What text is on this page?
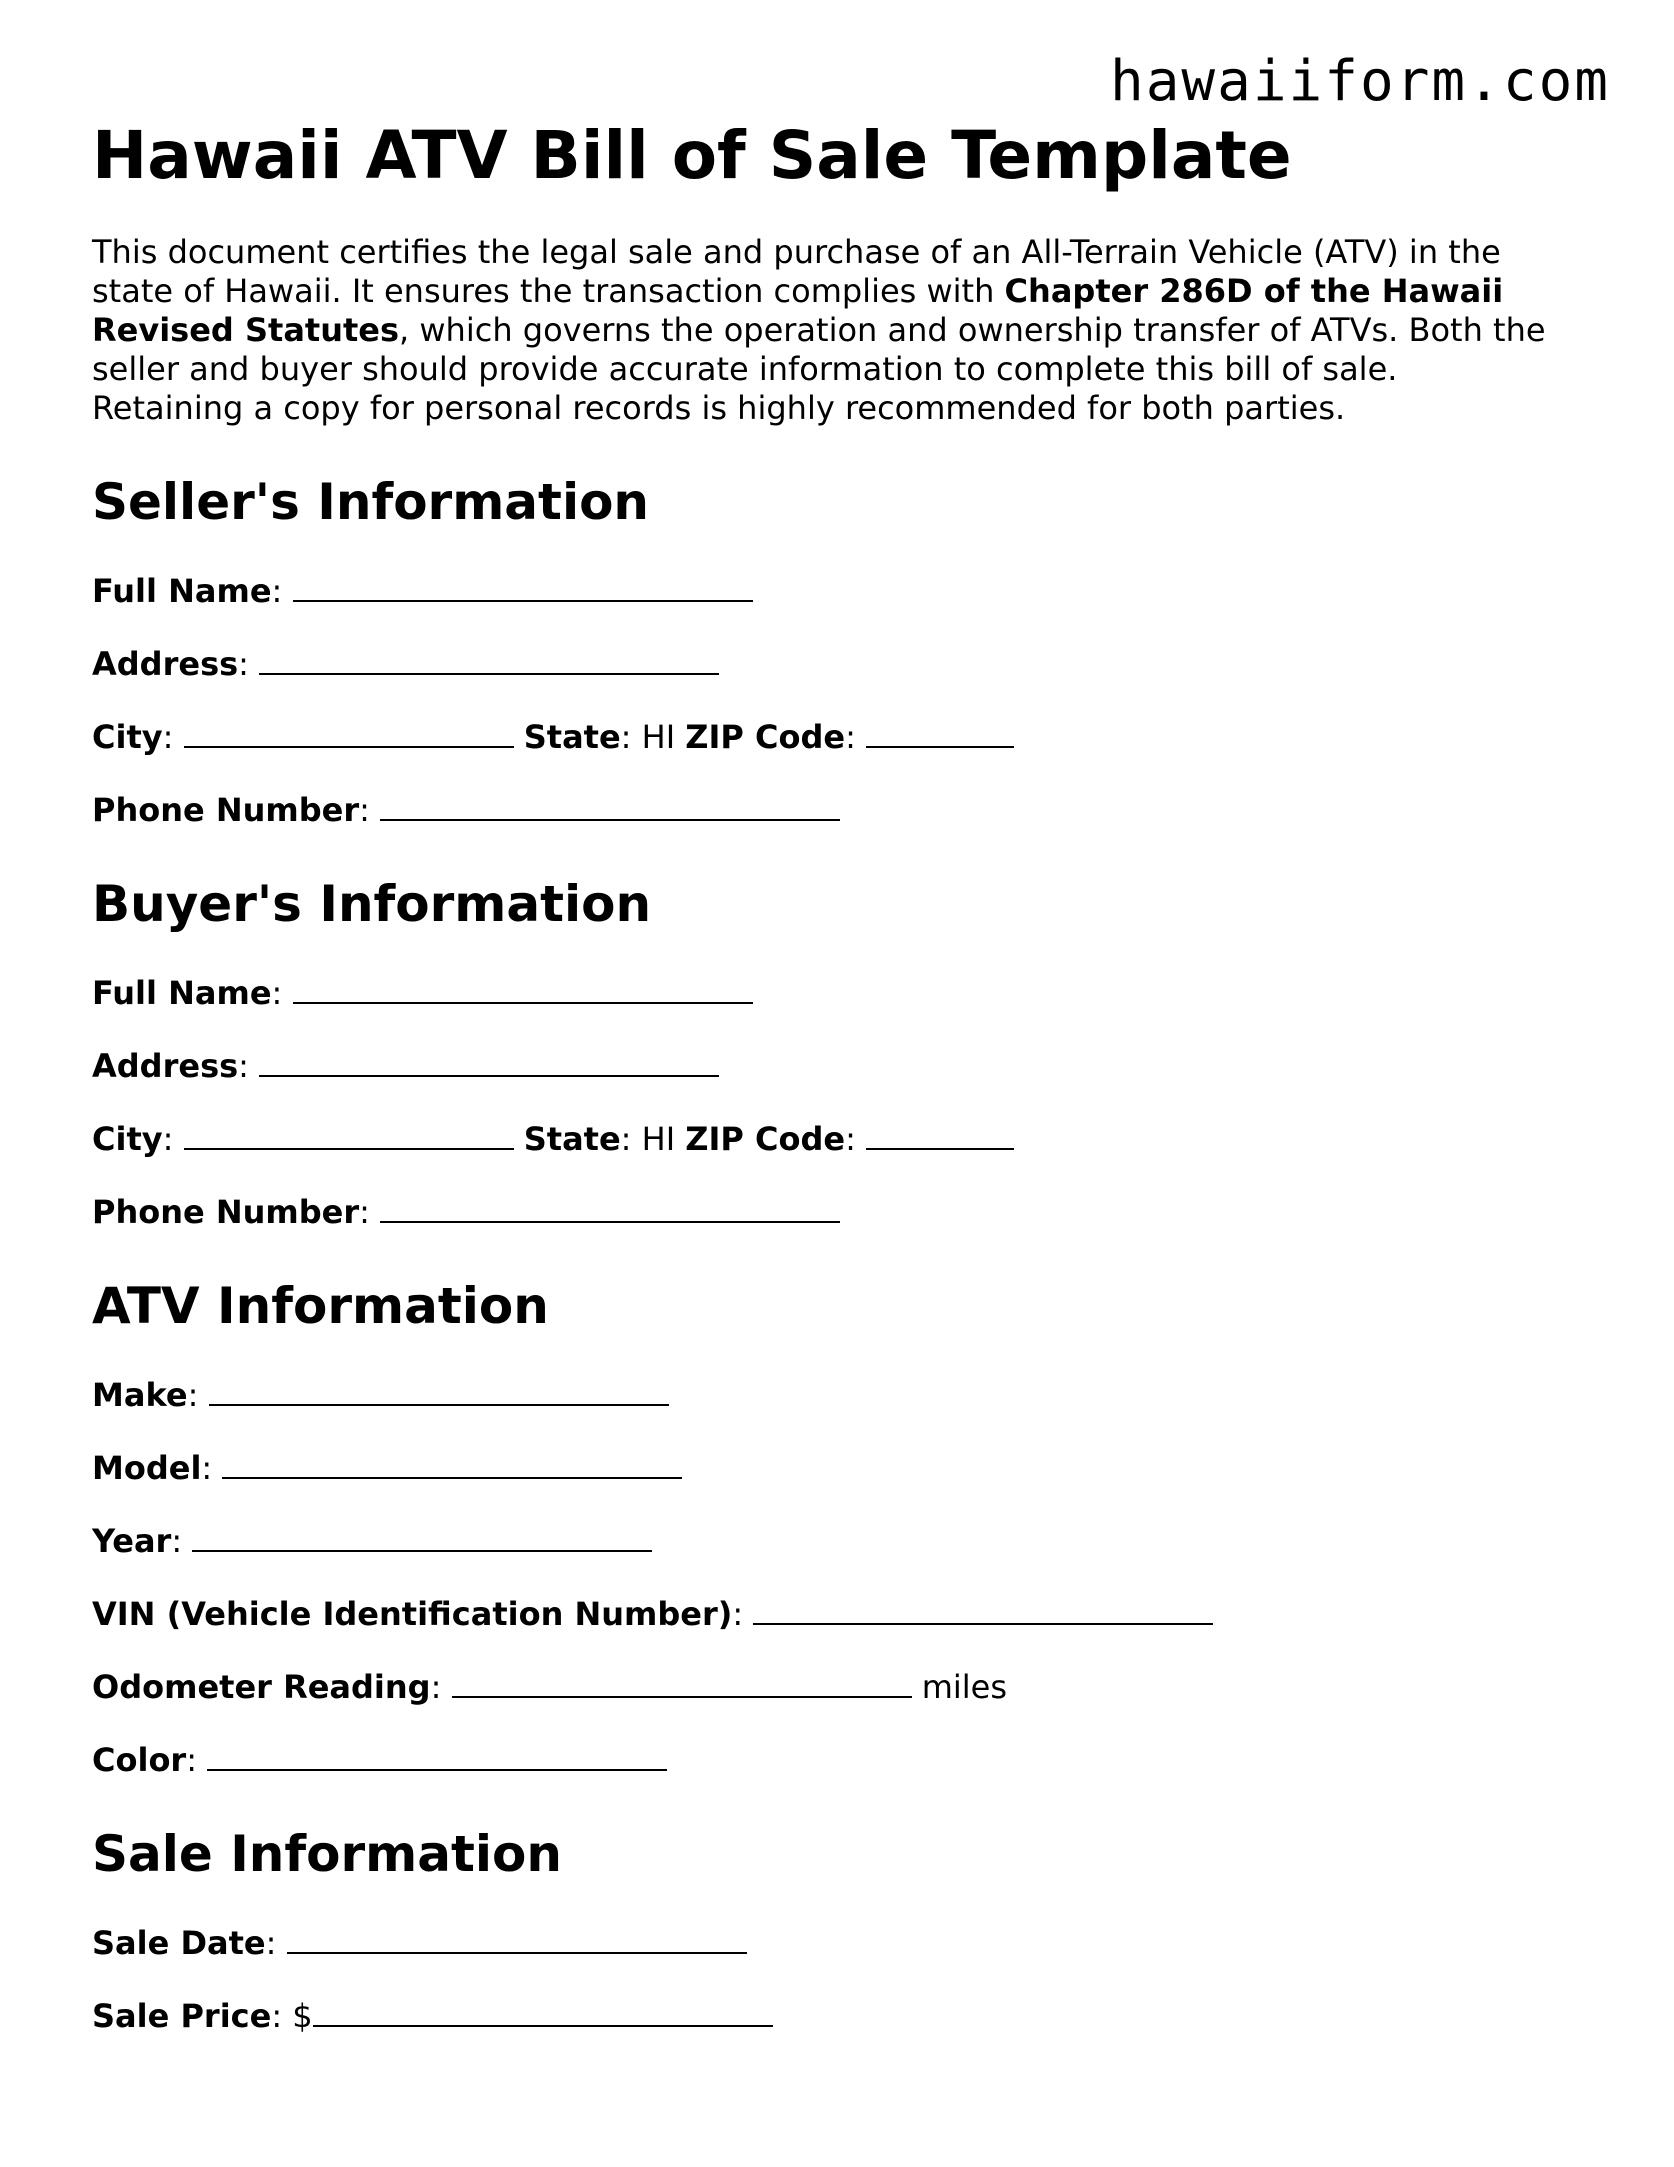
hawaiiform.com
Hawaii ATV Bill of Sale Template
This document certifies the legal sale and purchase of an All-Terrain Vehicle (ATV) in the state of Hawaii. It ensures the transaction complies with Chapter 286D of the Hawaii Revised Statutes, which governs the operation and ownership transfer of ATVs. Both the seller and buyer should provide accurate information to complete this bill of sale. Retaining a copy for personal records is highly recommended for both parties.
Seller's Information
Full Name:
Address:
City:	State: HI ZIP Code:
Phone Number:
Buyer's Information
Full Name:
Address:
City:	State: HI ZIP Code:
Phone Number:
ATV Information
Make:
Model:
Year:
VIN (Vehicle Identification Number):
Odometer Reading:	miles
Color:
Sale Information
Sale Date:
Sale Price: $
